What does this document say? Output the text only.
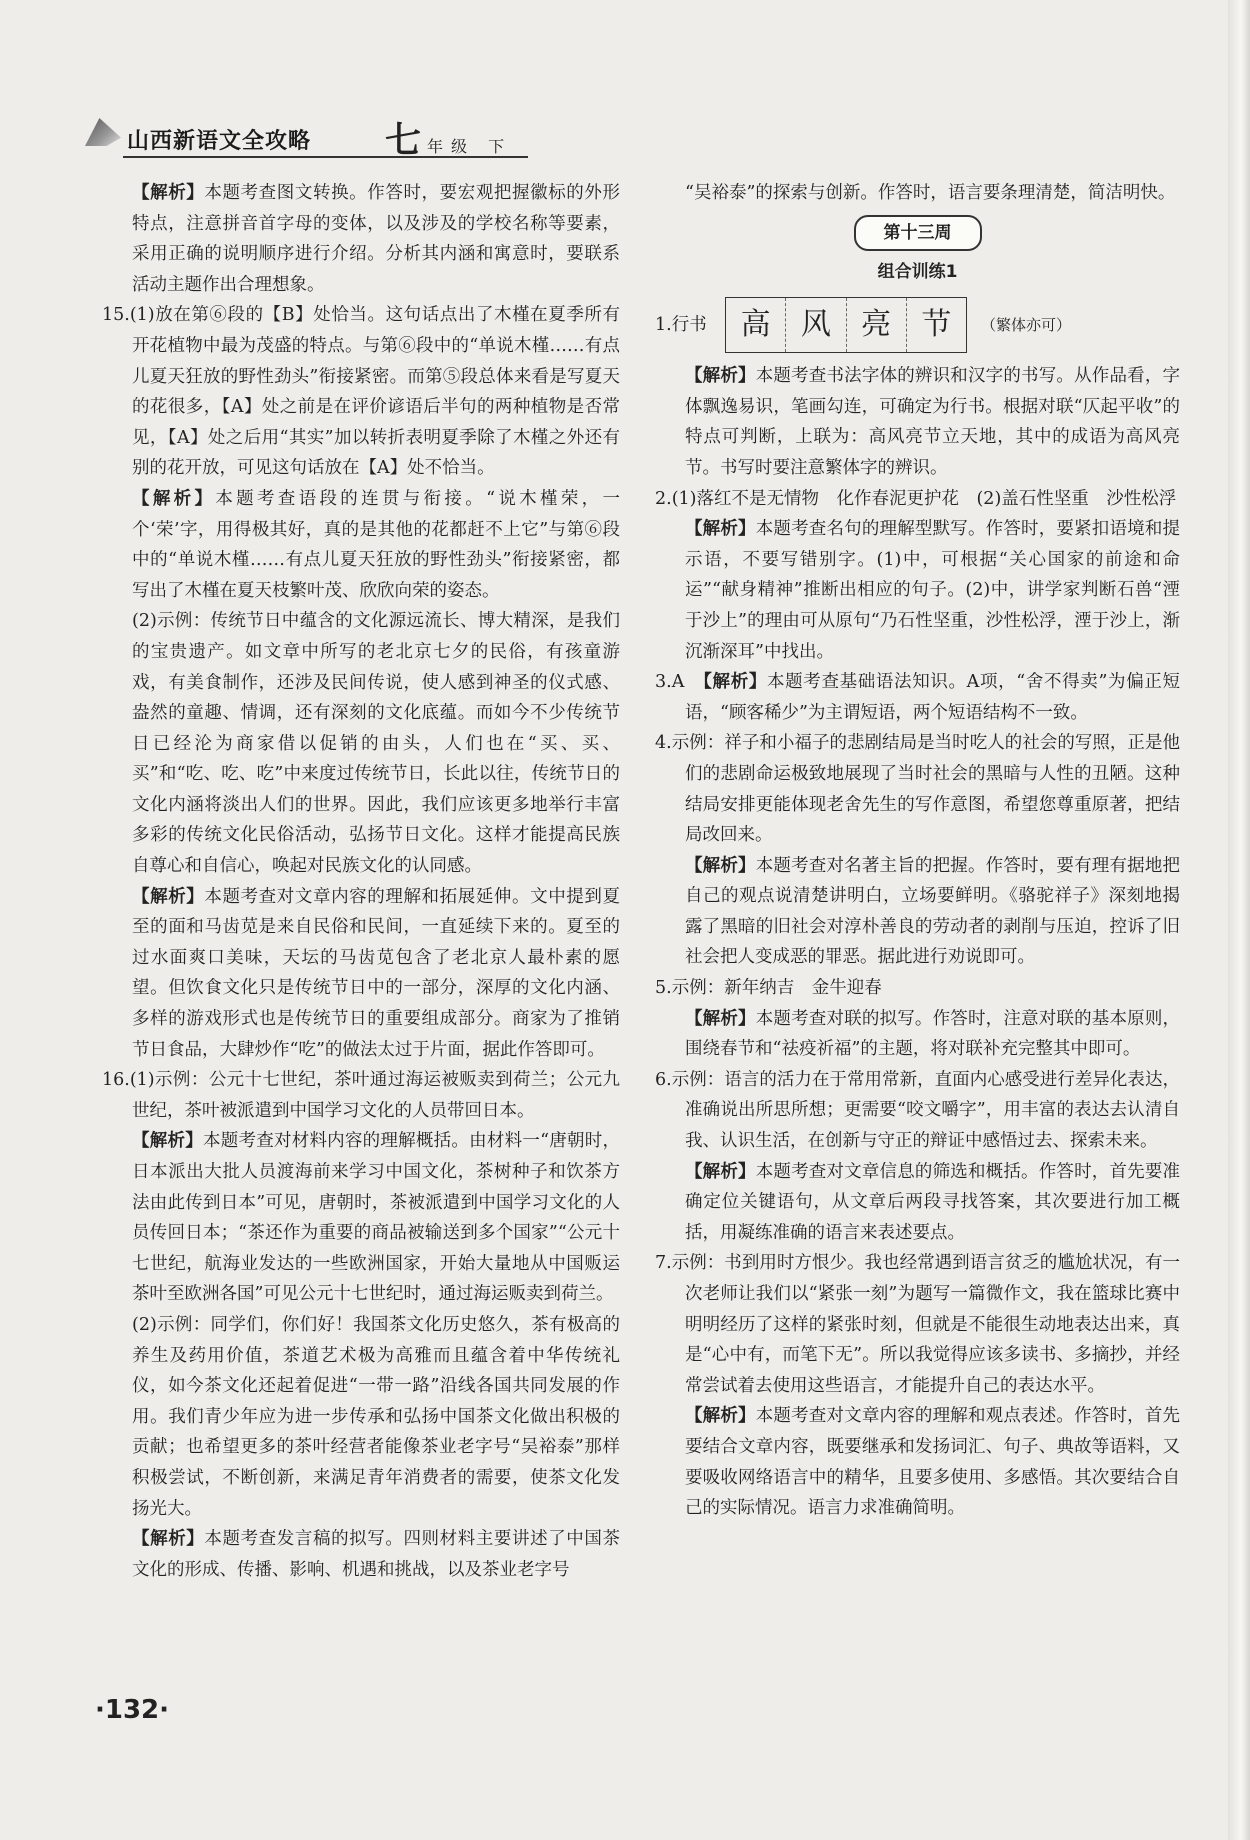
山西新语文全攻略 七年级 下

【解析】本题考查图文转换。作答时，要宏观把握徽标的外形特点，注意拼音首字母的变体，以及涉及的学校名称等要素，采用正确的说明顺序进行介绍。分析其内涵和寓意时，要联系活动主题作出合理想象。

15.(1)放在第⑥段的【B】处恰当。这句话点出了木槿在夏季所有开花植物中最为茂盛的特点。与第⑥段中的“单说木槿……有点儿夏天狂放的野性劲头”衔接紧密。而第⑤段总体来看是写夏天的花很多，【A】处之前是在评价谚语后半句的两种植物是否常见，【A】处之后用“其实”加以转折表明夏季除了木槿之外还有别的花开放，可见这句话放在【A】处不恰当。

【解析】本题考查语段的连贯与衔接。“说木槿荣，一个‘荣’字，用得极其好，真的是其他的花都赶不上它”与第⑥段中的“单说木槿……有点儿夏天狂放的野性劲头”衔接紧密，都写出了木槿在夏天枝繁叶茂、欣欣向荣的姿态。

(2)示例：传统节日中蕴含的文化源远流长、博大精深，是我们的宝贵遗产。如文章中所写的老北京七夕的民俗，有孩童游戏，有美食制作，还涉及民间传说，使人感到神圣的仪式感、盎然的童趣、情调，还有深刻的文化底蕴。而如今不少传统节日已经沦为商家借以促销的由头，人们也在“买、买、买”和“吃、吃、吃”中来度过传统节日，长此以往，传统节日的文化内涵将淡出人们的世界。因此，我们应该更多地举行丰富多彩的传统文化民俗活动，弘扬节日文化。这样才能提高民族自尊心和自信心，唤起对民族文化的认同感。

【解析】本题考查对文章内容的理解和拓展延伸。文中提到夏至的面和马齿苋是来自民俗和民间，一直延续下来的。夏至的过水面爽口美味，天坛的马齿苋包含了老北京人最朴素的愿望。但饮食文化只是传统节日中的一部分，深厚的文化内涵、多样的游戏形式也是传统节日的重要组成部分。商家为了推销节日食品，大肆炒作“吃”的做法太过于片面，据此作答即可。

16.(1)示例：公元十七世纪，茶叶通过海运被贩卖到荷兰；公元九世纪，茶叶被派遣到中国学习文化的人员带回日本。

【解析】本题考查对材料内容的理解概括。由材料一“唐朝时，日本派出大批人员渡海前来学习中国文化，茶树种子和饮茶方法由此传到日本”可见，唐朝时，茶被派遣到中国学习文化的人员传回日本；“茶还作为重要的商品被输送到多个国家”“公元十七世纪，航海业发达的一些欧洲国家，开始大量地从中国贩运茶叶至欧洲各国”可见公元十七世纪时，通过海运贩卖到荷兰。

(2)示例：同学们，你们好！我国茶文化历史悠久，茶有极高的养生及药用价值，茶道艺术极为高雅而且蕴含着中华传统礼仪，如今茶文化还起着促进“一带一路”沿线各国共同发展的作用。我们青少年应为进一步传承和弘扬中国茶文化做出积极的贡献；也希望更多的茶叶经营者能像茶业老字号“吴裕泰”那样积极尝试，不断创新，来满足青年消费者的需要，使茶文化发扬光大。

【解析】本题考查发言稿的拟写。四则材料主要讲述了中国茶文化的形成、传播、影响、机遇和挑战，以及茶业老字号

“吴裕泰”的探索与创新。作答时，语言要条理清楚，简洁明快。

第十三周
组合训练1
1.行书	高	风	亮	节	（繁体亦可）

【解析】本题考查书法字体的辨识和汉字的书写。从作品看，字体飘逸易识，笔画勾连，可确定为行书。根据对联“仄起平收”的特点可判断，上联为：高风亮节立天地，其中的成语为高风亮节。书写时要注意繁体字的辨识。

2.(1)落红不是无情物　化作春泥更护花　(2)盖石性坚重　沙性松浮

【解析】本题考查名句的理解型默写。作答时，要紧扣语境和提示语，不要写错别字。(1)中，可根据“关心国家的前途和命运”“献身精神”推断出相应的句子。(2)中，讲学家判断石兽“湮于沙上”的理由可从原句“乃石性坚重，沙性松浮，湮于沙上，渐沉渐深耳”中找出。

3.A　【解析】本题考查基础语法知识。A项，“舍不得卖”为偏正短语，“顾客稀少”为主谓短语，两个短语结构不一致。

4.示例：祥子和小福子的悲剧结局是当时吃人的社会的写照，正是他们的悲剧命运极致地展现了当时社会的黑暗与人性的丑陋。这种结局安排更能体现老舍先生的写作意图，希望您尊重原著，把结局改回来。

【解析】本题考查对名著主旨的把握。作答时，要有理有据地把自己的观点说清楚讲明白，立场要鲜明。《骆驼祥子》深刻地揭露了黑暗的旧社会对淳朴善良的劳动者的剥削与压迫，控诉了旧社会把人变成恶的罪恶。据此进行劝说即可。

5.示例：新年纳吉　金牛迎春

【解析】本题考查对联的拟写。作答时，注意对联的基本原则，围绕春节和“祛疫祈福”的主题，将对联补充完整其中即可。

6.示例：语言的活力在于常用常新，直面内心感受进行差异化表达，准确说出所思所想；更需要“咬文嚼字”，用丰富的表达去认清自我、认识生活，在创新与守正的辩证中感悟过去、探索未来。

【解析】本题考查对文章信息的筛选和概括。作答时，首先要准确定位关键语句，从文章后两段寻找答案，其次要进行加工概括，用凝练准确的语言来表述要点。

7.示例：书到用时方恨少。我也经常遇到语言贫乏的尴尬状况，有一次老师让我们以“紧张一刻”为题写一篇微作文，我在篮球比赛中明明经历了这样的紧张时刻，但就是不能很生动地表达出来，真是“心中有，而笔下无”。所以我觉得应该多读书、多摘抄，并经常尝试着去使用这些语言，才能提升自己的表达水平。

【解析】本题考查对文章内容的理解和观点表述。作答时，首先要结合文章内容，既要继承和发扬词汇、句子、典故等语料，又要吸收网络语言中的精华，且要多使用、多感悟。其次要结合自己的实际情况。语言力求准确简明。

·132·
